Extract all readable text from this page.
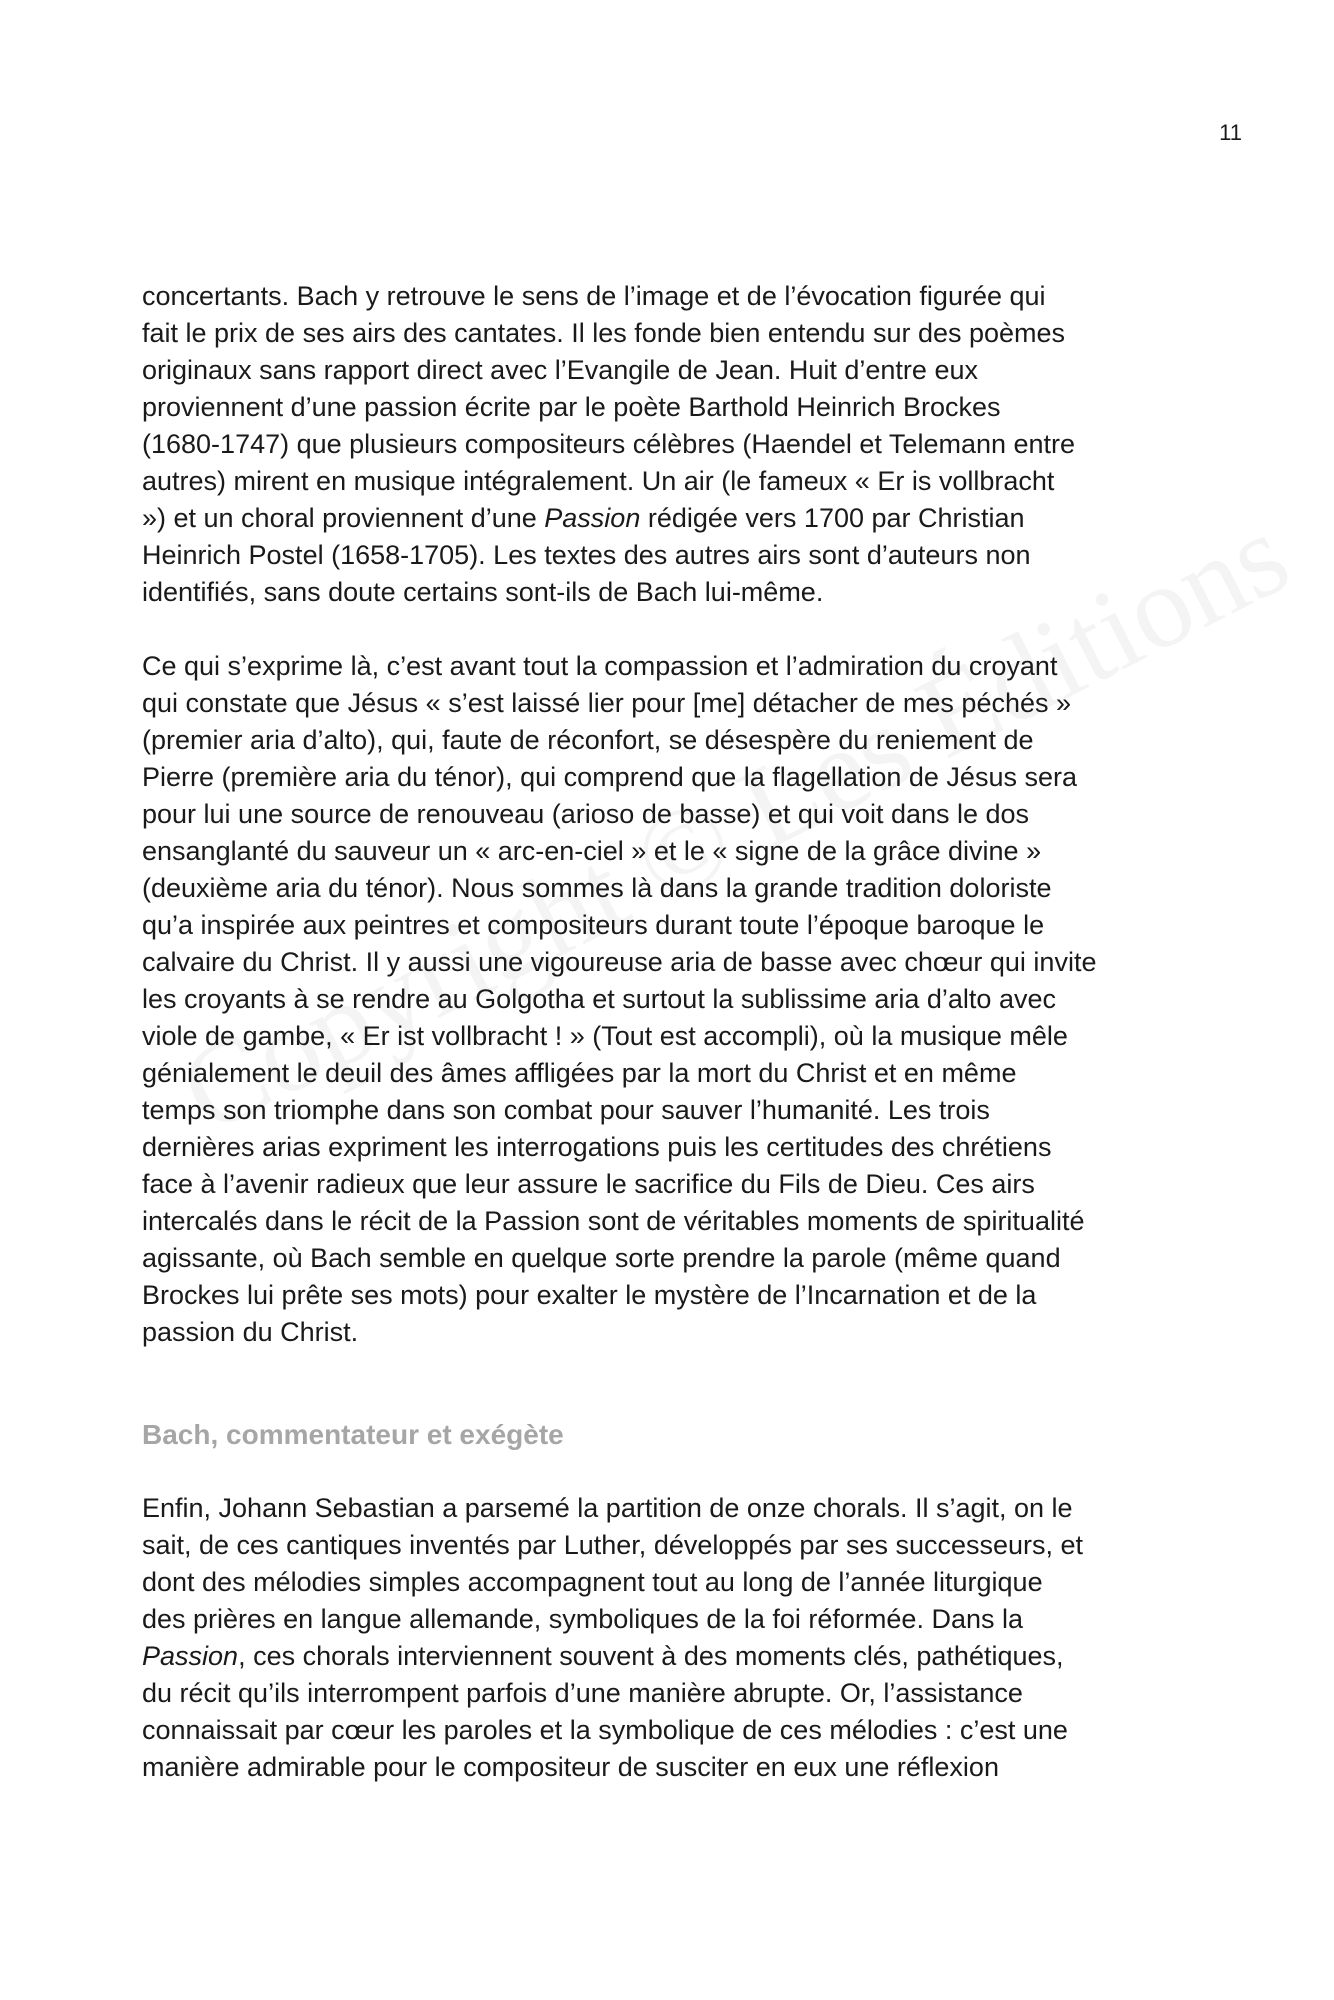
11
concertants. Bach y retrouve le sens de l’image et de l’évocation figurée qui
fait le prix de ses airs des cantates. Il les fonde bien entendu sur des poèmes
originaux sans rapport direct avec l’Evangile de Jean. Huit d’entre eux
proviennent d’une passion écrite par le poète Barthold Heinrich Brockes
(1680-1747) que plusieurs compositeurs célèbres (Haendel et Telemann entre
autres) mirent en musique intégralement. Un air (le fameux « Er is vollbracht
») et un choral proviennent d’une Passion rédigée vers 1700 par Christian
Heinrich Postel (1658-1705). Les textes des autres airs sont d’auteurs non
identifiés, sans doute certains sont-ils de Bach lui-même.
Ce qui s’exprime là, c’est avant tout la compassion et l’admiration du croyant
qui constate que Jésus « s’est laissé lier pour [me] détacher de mes péchés »
(premier aria d’alto), qui, faute de réconfort, se désespère du reniement de
Pierre (première aria du ténor), qui comprend que la flagellation de Jésus sera
pour lui une source de renouveau (arioso de basse) et qui voit dans le dos
ensanglanté du sauveur un « arc-en-ciel » et le « signe de la grâce divine »
(deuxième aria du ténor). Nous sommes là dans la grande tradition doloriste
qu’a inspirée aux peintres et compositeurs durant toute l’époque baroque le
calvaire du Christ. Il y aussi une vigoureuse aria de basse avec chœur qui invite
les croyants à se rendre au Golgotha et surtout la sublissime aria d’alto avec
viole de gambe, « Er ist vollbracht ! » (Tout est accompli), où la musique mêle
génialement le deuil des âmes affligées par la mort du Christ et en même
temps son triomphe dans son combat pour sauver l’humanité. Les trois
dernières arias expriment les interrogations puis les certitudes des chrétiens
face à l’avenir radieux que leur assure le sacrifice du Fils de Dieu. Ces airs
intercalés dans le récit de la Passion sont de véritables moments de spiritualité
agissante, où Bach semble en quelque sorte prendre la parole (même quand
Brockes lui prête ses mots) pour exalter le mystère de l’Incarnation et de la
passion du Christ.
Bach, commentateur et exégète
Enfin, Johann Sebastian a parsemé la partition de onze chorals. Il s’agit, on le
sait, de ces cantiques inventés par Luther, développés par ses successeurs, et
dont des mélodies simples accompagnent tout au long de l’année liturgique
des prières en langue allemande, symboliques de la foi réformée. Dans la
Passion, ces chorals interviennent souvent à des moments clés, pathétiques,
du récit qu’ils interrompent parfois d’une manière abrupte. Or, l’assistance
connaissait par cœur les paroles et la symbolique de ces mélodies : c’est une
manière admirable pour le compositeur de susciter en eux une réflexion
